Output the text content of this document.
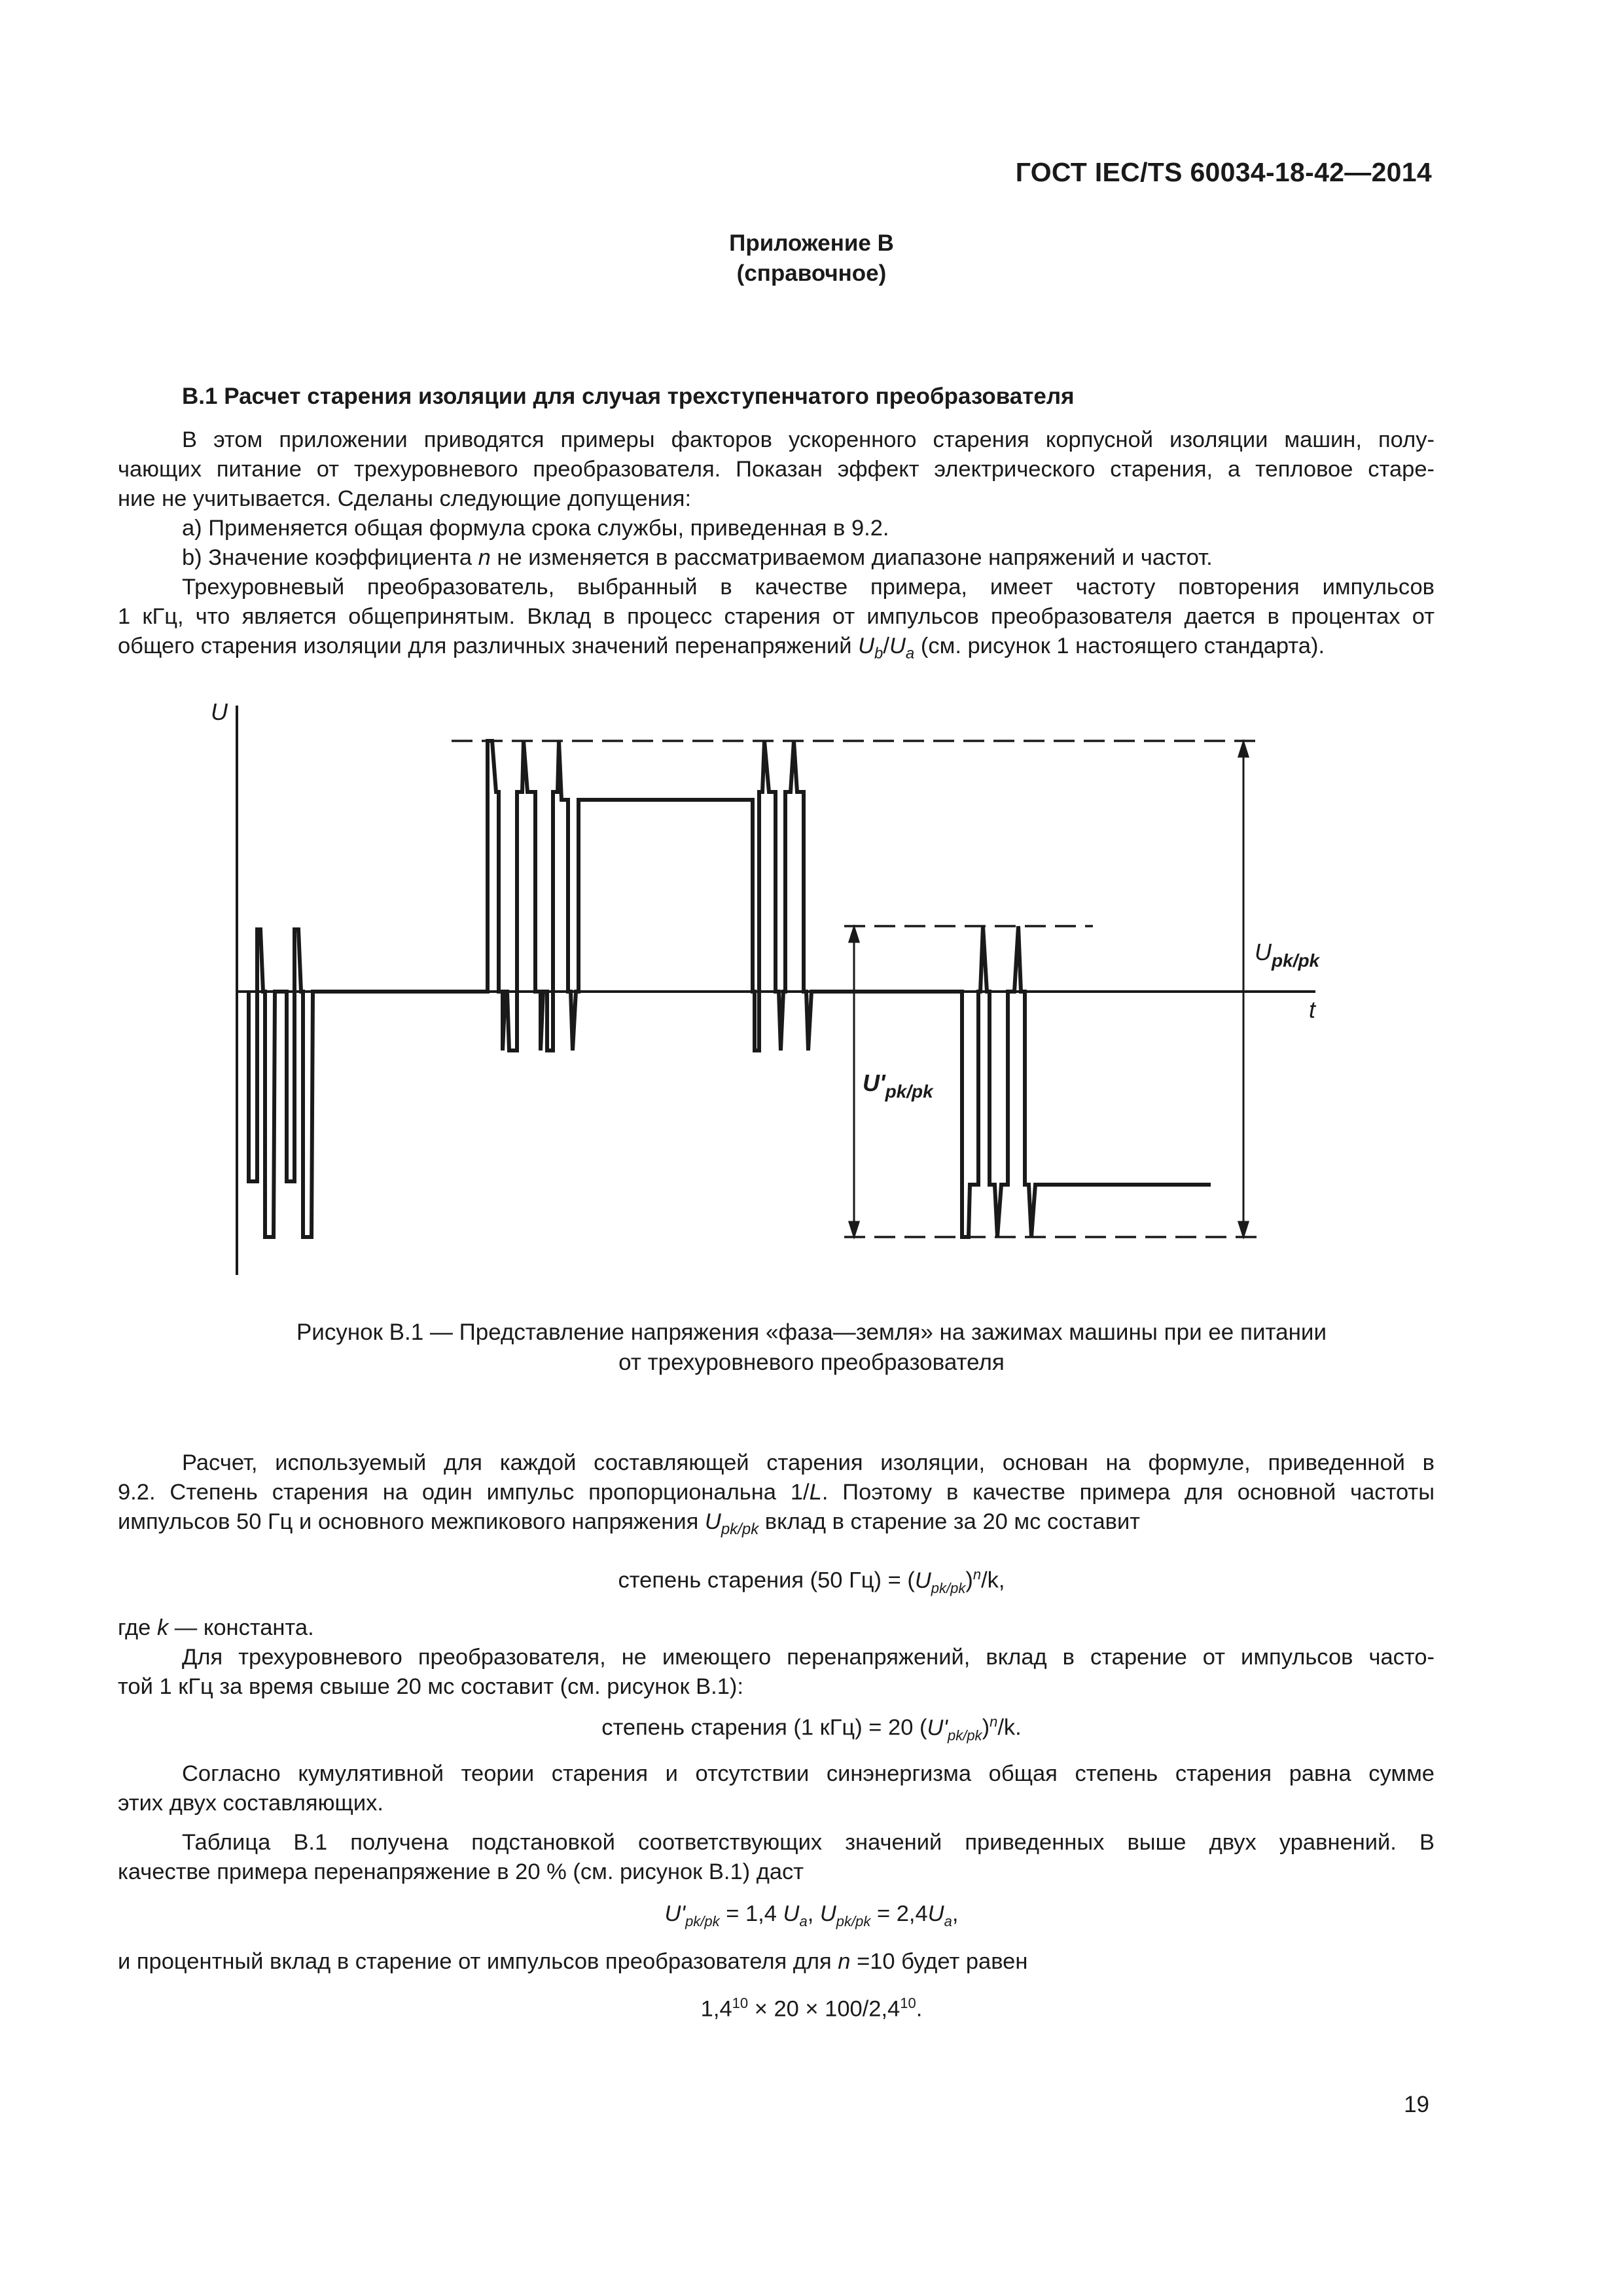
ГОСТ IEC/TS 60034-18-42—2014
Приложение В
(справочное)
В.1 Расчет старения изоляции для случая трехступенчатого преобразователя
В этом приложении приводятся примеры факторов ускоренного старения корпусной изоляции машин, полу-
чающих питание от трехуровневого преобразователя. Показан эффект электрического старения, а тепловое старе-
ние не учитывается. Сделаны следующие допущения:
a) Применяется общая формула срока службы, приведенная в 9.2.
b) Значение коэффициента n не изменяется в рассматриваемом диапазоне напряжений и частот.
Трехуровневый преобразователь, выбранный в качестве примера, имеет частоту повторения импульсов
1 кГц, что является общепринятым. Вклад в процесс старения от импульсов преобразователя дается в процентах от
общего старения изоляции для различных значений перенапряжений $U_b/U_a$ (см. рисунок 1 настоящего стандарта).
U
t
$U_{pk/pk}$
$U'_{pk/pk}$
Рисунок В.1 — Представление напряжения «фаза—земля» на зажимах машины при ее питании
от трехуровневого преобразователя
Расчет, используемый для каждой составляющей старения изоляции, основан на формуле, приведенной в
9.2. Степень старения на один импульс пропорциональна 1/L. Поэтому в качестве примера для основной частоты
импульсов 50 Гц и основного межпикового напряжения $U_{pk/pk}$ вклад в старение за 20 мс составит
степень старения (50 $Гц) = (U_{pk/pk})^n/k$,
где k — константа.
Для трехуровневого преобразователя, не имеющего перенапряжений, вклад в старение от импульсов часто-
той 1 кГц за время свыше 20 мс составит (см. рисунок В.1):
степень старения (1 кГц) = 20 $(U'_{pk/pk})^n/k$.
Согласно кумулятивной теории старения и отсутствии синэнергизма общая степень старения равна сумме
этих двух составляющих.
Таблица В.1 получена подстановкой соответствующих значений приведенных выше двух уравнений. В
качестве примера перенапряжение в 20 % (см. рисунок В.1) даст
$U'_{pk/pk} = 1,4$ $U_a$, $U_{pk/pk} = 2,4U_a$,
и процентный вклад в старение от импульсов преобразователя для n =10 будет равен
$1,4^{10} \times 20 \times 100/2,4^{10}$.
19
